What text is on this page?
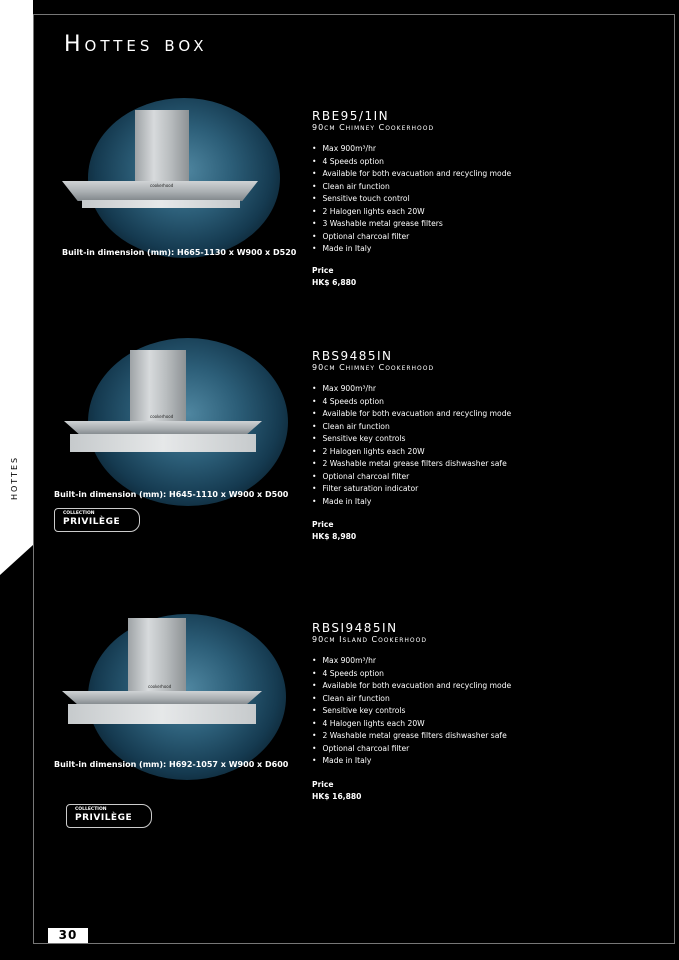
Hottes box
HOTTES
cookerhood
Built-in dimension (mm): H665-1130 x W900 x D520
RBE95/1IN
90cm Chimney Cookerhood
• Max 900m³/hr
• 4 Speeds option
• Available for both evacuation and recycling mode
• Clean air function
• Sensitive touch control
• 2 Halogen lights each 20W
• 3 Washable metal grease filters
• Optional charcoal filter
• Made in Italy
Price
HK$ 6,880
cookerhood
Built-in dimension (mm): H645-1110 x W900 x D500
COLLECTION
PRIVILÈGE
RBS9485IN
90cm Chimney Cookerhood
• Max 900m³/hr
• 4 Speeds option
• Available for both evacuation and recycling mode
• Clean air function
• Sensitive key controls
• 2 Halogen lights each 20W
• 2 Washable metal grease filters dishwasher safe
• Optional charcoal filter
• Filter saturation indicator
• Made in Italy
Price
HK$ 8,980
cookerhood
Built-in dimension (mm): H692-1057 x W900 x D600
COLLECTION
PRIVILÈGE
RBSI9485IN
90cm Island Cookerhood
• Max 900m³/hr
• 4 Speeds option
• Available for both evacuation and recycling mode
• Clean air function
• Sensitive key controls
• 4 Halogen lights each 20W
• 2 Washable metal grease filters dishwasher safe
• Optional charcoal filter
• Made in Italy
Price
HK$ 16,880
30
